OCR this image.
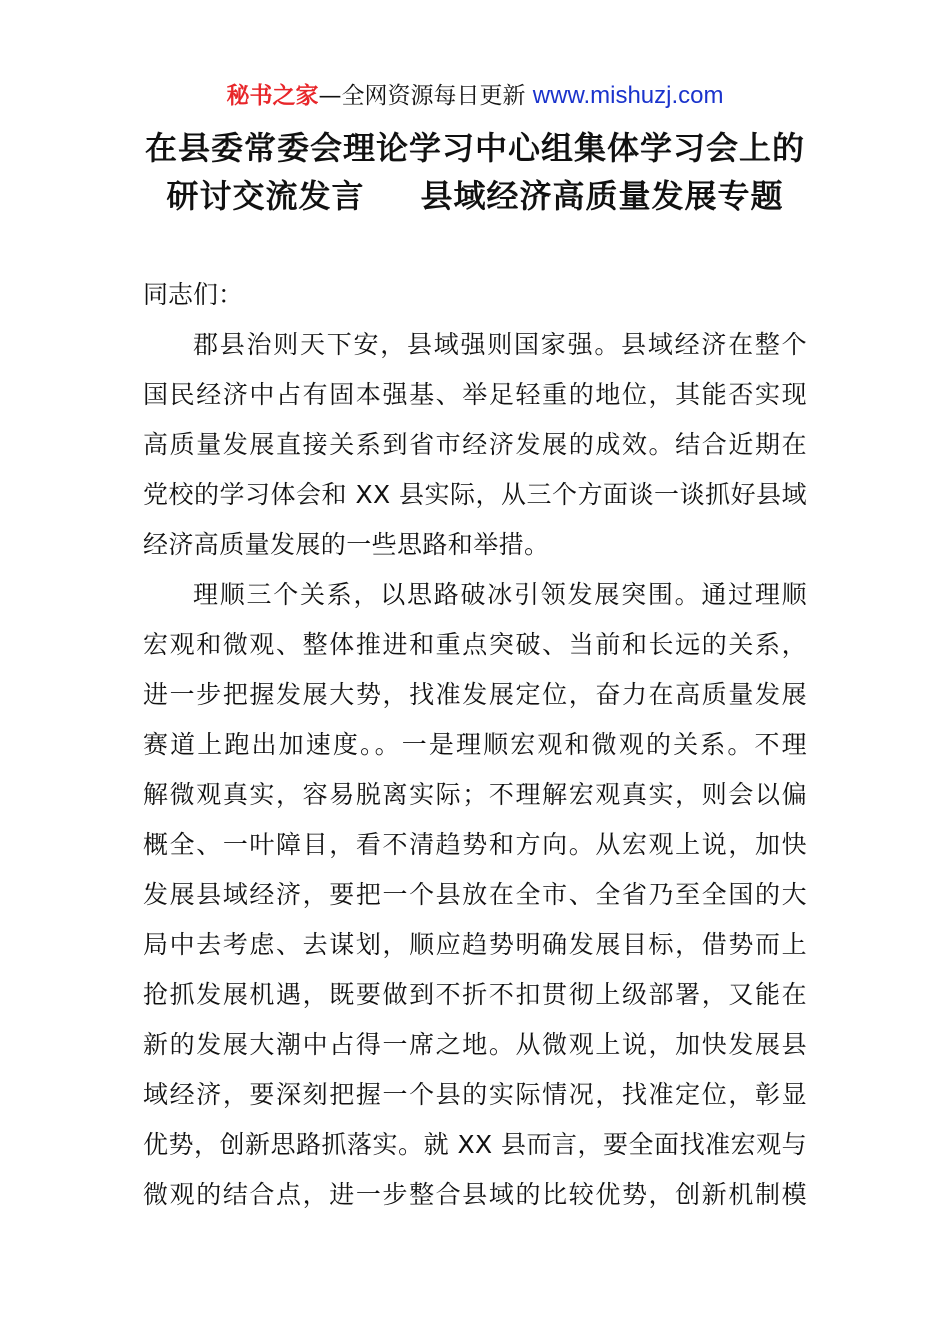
秘书之家—全网资源每日更新 www.mishuzj.com
在县委常委会理论学习中心组集体学习会上的
研讨交流发言 县域经济高质量发展专题
同志们：
郡县治则天下安，县域强则国家强。县域经济在整个
国民经济中占有固本强基、举足轻重的地位，其能否实现
高质量发展直接关系到省市经济发展的成效。结合近期在
党校的学习体会和 XX 县实际，从三个方面谈一谈抓好县域
经济高质量发展的一些思路和举措。
理顺三个关系，以思路破冰引领发展突围。通过理顺
宏观和微观、整体推进和重点突破、当前和长远的关系，
进一步把握发展大势，找准发展定位，奋力在高质量发展
赛道上跑出加速度。。一是理顺宏观和微观的关系。不理
解微观真实，容易脱离实际；不理解宏观真实，则会以偏
概全、一叶障目，看不清趋势和方向。从宏观上说，加快
发展县域经济，要把一个县放在全市、全省乃至全国的大
局中去考虑、去谋划，顺应趋势明确发展目标，借势而上
抢抓发展机遇，既要做到不折不扣贯彻上级部署，又能在
新的发展大潮中占得一席之地。从微观上说，加快发展县
域经济，要深刻把握一个县的实际情况，找准定位，彰显
优势，创新思路抓落实。就 XX 县而言，要全面找准宏观与
微观的结合点，进一步整合县域的比较优势，创新机制模
